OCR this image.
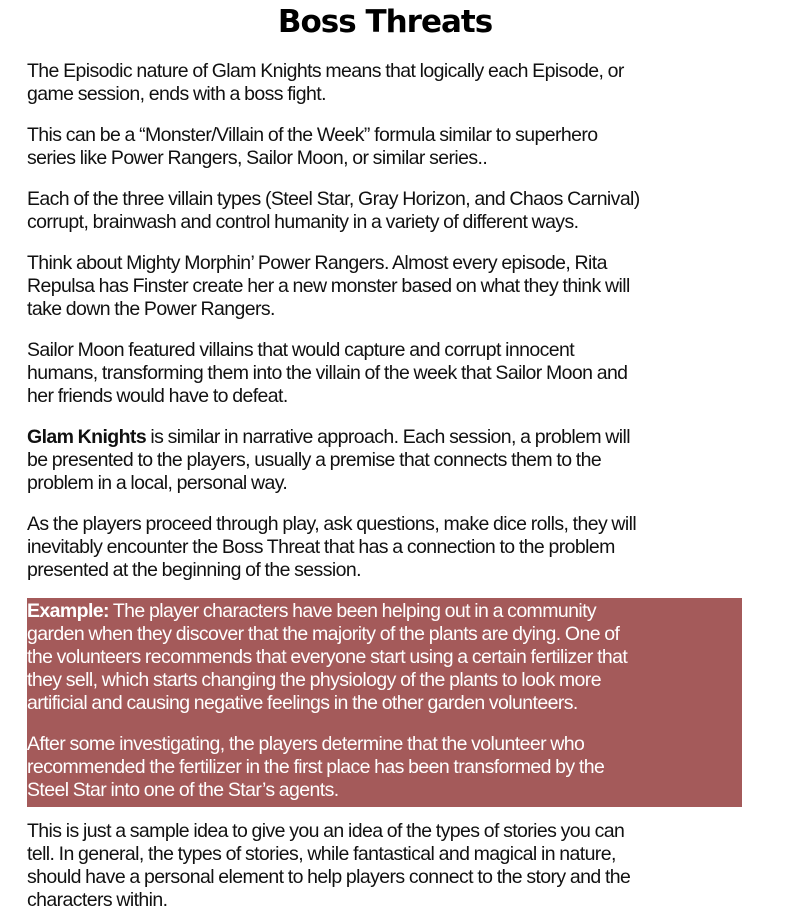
Boss Threats
The Episodic nature of Glam Knights means that logically each Episode, or
game session, ends with a boss fight.
This can be a “Monster/Villain of the Week” formula similar to superhero
series like Power Rangers, Sailor Moon, or similar series..
Each of the three villain types (Steel Star, Gray Horizon, and Chaos Carnival)
corrupt, brainwash and control humanity in a variety of different ways.
Think about Mighty Morphin’ Power Rangers. Almost every episode, Rita
Repulsa has Finster create her a new monster based on what they think will
take down the Power Rangers.
Sailor Moon featured villains that would capture and corrupt innocent
humans, transforming them into the villain of the week that Sailor Moon and
her friends would have to defeat.
Glam Knights is similar in narrative approach. Each session, a problem will
be presented to the players, usually a premise that connects them to the
problem in a local, personal way.
As the players proceed through play, ask questions, make dice rolls, they will
inevitably encounter the Boss Threat that has a connection to the problem
presented at the beginning of the session.
Example: The player characters have been helping out in a community
garden when they discover that the majority of the plants are dying. One of
the volunteers recommends that everyone start using a certain fertilizer that
they sell, which starts changing the physiology of the plants to look more
artificial and causing negative feelings in the other garden volunteers.
After some investigating, the players determine that the volunteer who
recommended the fertilizer in the first place has been transformed by the
Steel Star into one of the Star’s agents.
This is just a sample idea to give you an idea of the types of stories you can
tell. In general, the types of stories, while fantastical and magical in nature,
should have a personal element to help players connect to the story and the
characters within.
